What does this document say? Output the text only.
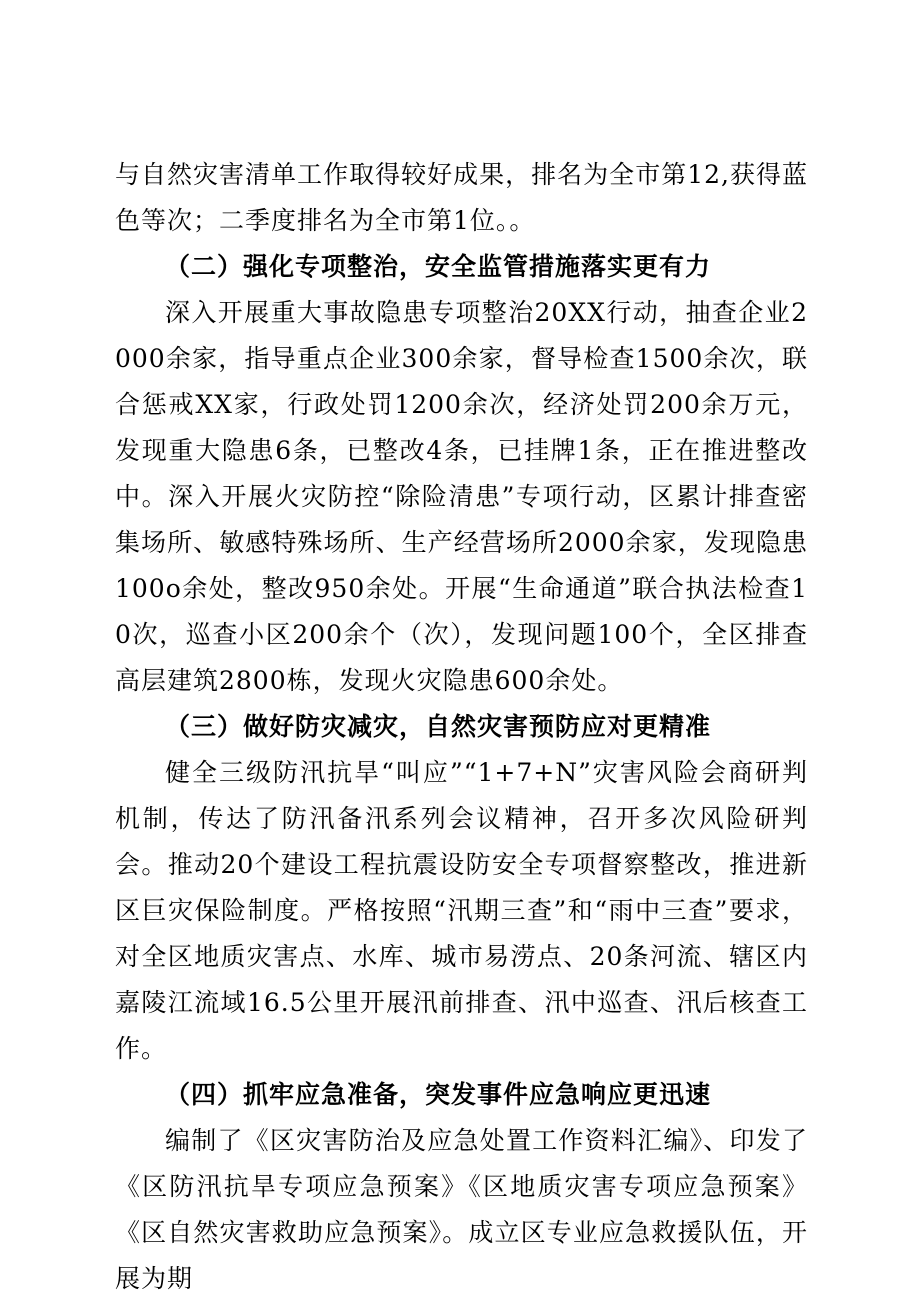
与自然灾害清单工作取得较好成果，排名为全市第12,获得蓝色等次；二季度排名为全市第1位。。

（二）强化专项整治，安全监管措施落实更有力

深入开展重大事故隐患专项整治20XX行动，抽查企业2000余家，指导重点企业300余家，督导检查1500余次，联合惩戒XX家，行政处罚1200余次，经济处罚200余万元，发现重大隐患6条，已整改4条，已挂牌1条，正在推进整改中。深入开展火灾防控“除险清患”专项行动，区累计排查密集场所、敏感特殊场所、生产经营场所2000余家，发现隐患100o余处，整改950余处。开展“生命通道”联合执法检查10次，巡查小区200余个（次），发现问题100个，全区排查高层建筑2800栋，发现火灾隐患600余处。

（三）做好防灾减灾，自然灾害预防应对更精准

健全三级防汛抗旱“叫应”“1+7+N”灾害风险会商研判机制，传达了防汛备汛系列会议精神，召开多次风险研判会。推动20个建设工程抗震设防安全专项督察整改，推进新区巨灾保险制度。严格按照“汛期三查”和“雨中三查”要求，对全区地质灾害点、水库、城市易涝点、20条河流、辖区内嘉陵江流域16.5公里开展汛前排查、汛中巡查、汛后核查工作。

（四）抓牢应急准备，突发事件应急响应更迅速

编制了《区灾害防治及应急处置工作资料汇编》、印发了《区防汛抗旱专项应急预案》《区地质灾害专项应急预案》《区自然灾害救助应急预案》。成立区专业应急救援队伍，开展为期
